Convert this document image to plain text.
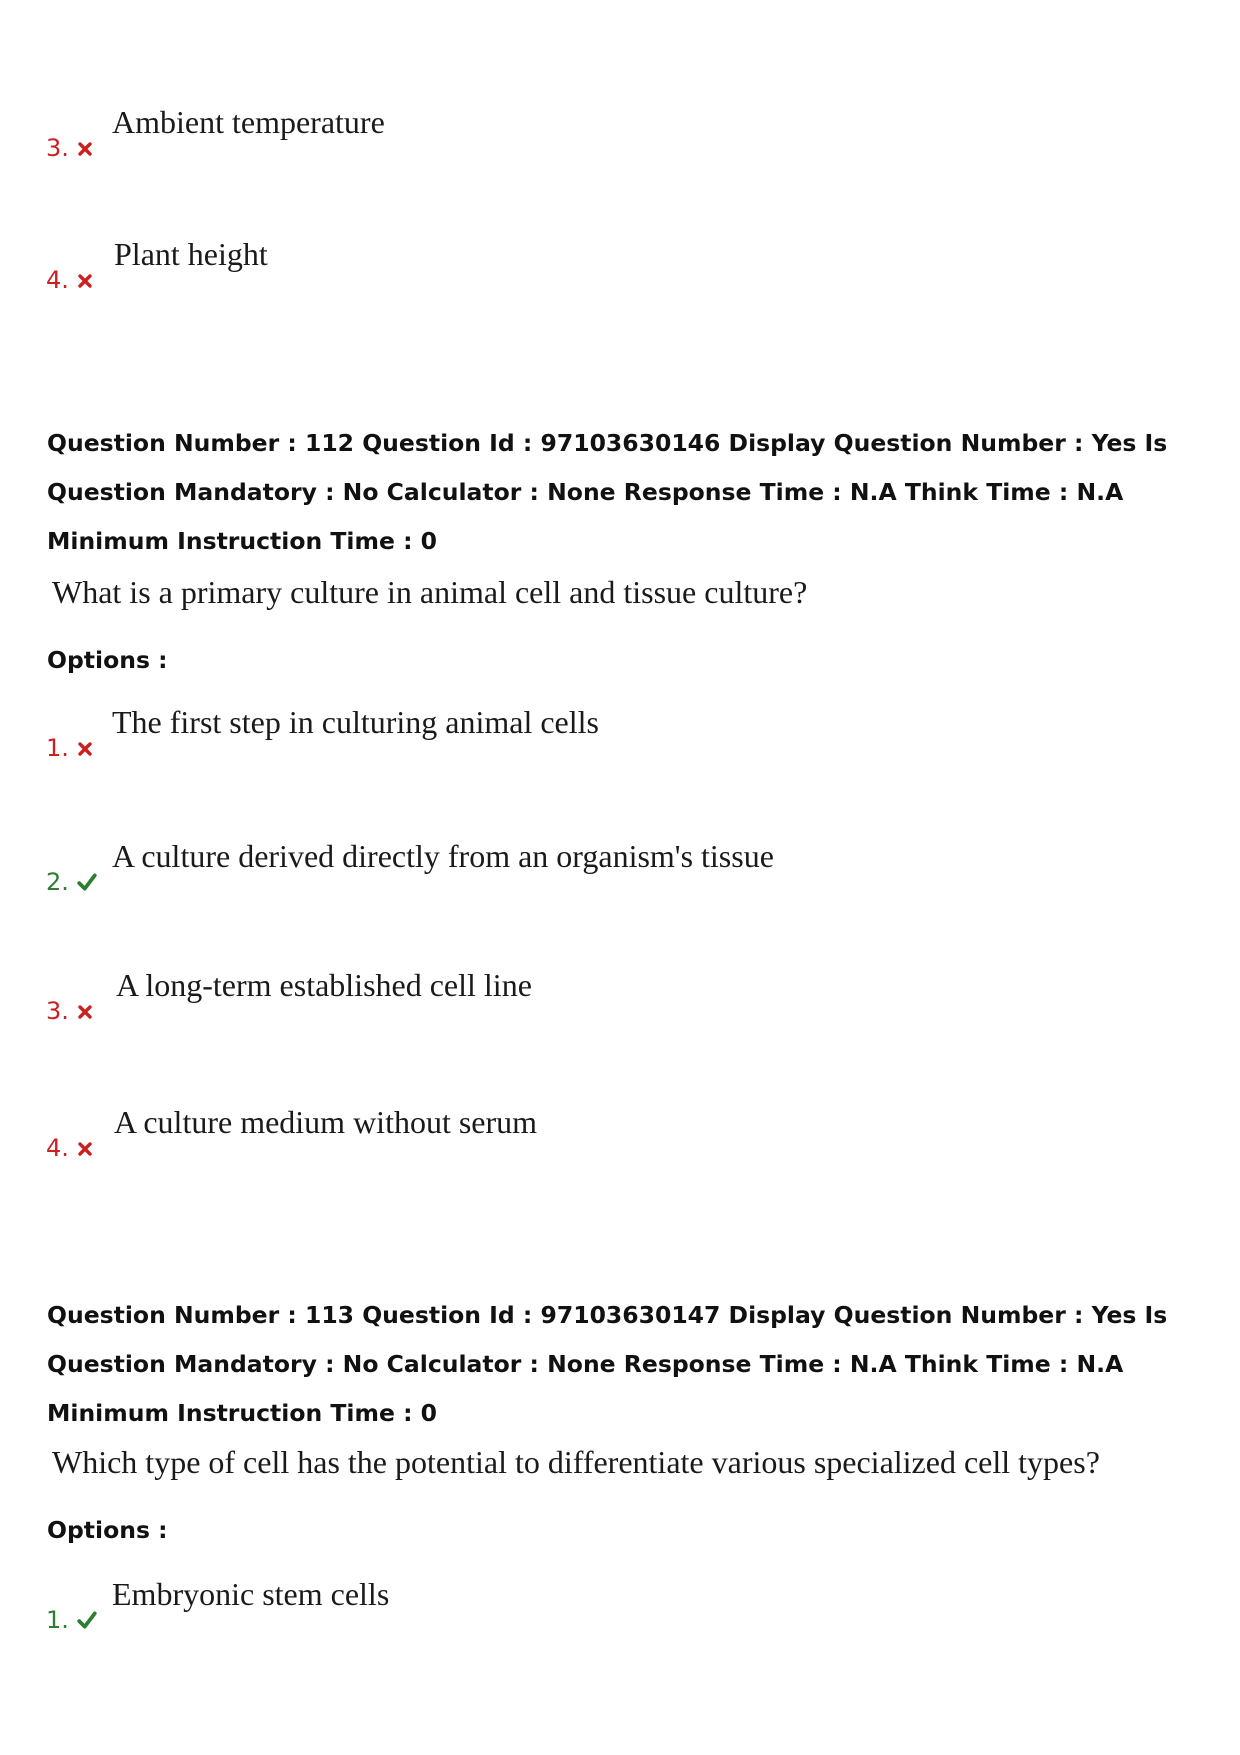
3.
Ambient temperature
4.
Plant height
Question Number : 112 Question Id : 97103630146 Display Question Number : Yes Is Question Mandatory : No Calculator : None Response Time : N.A Think Time : N.A Minimum Instruction Time : 0
What is a primary culture in animal cell and tissue culture?
Options :
1.
The first step in culturing animal cells
2.
A culture derived directly from an organism's tissue
3.
A long-term established cell line
4.
A culture medium without serum
Question Number : 113 Question Id : 97103630147 Display Question Number : Yes Is Question Mandatory : No Calculator : None Response Time : N.A Think Time : N.A Minimum Instruction Time : 0
Which type of cell has the potential to differentiate various specialized cell types?
Options :
1.
Embryonic stem cells
